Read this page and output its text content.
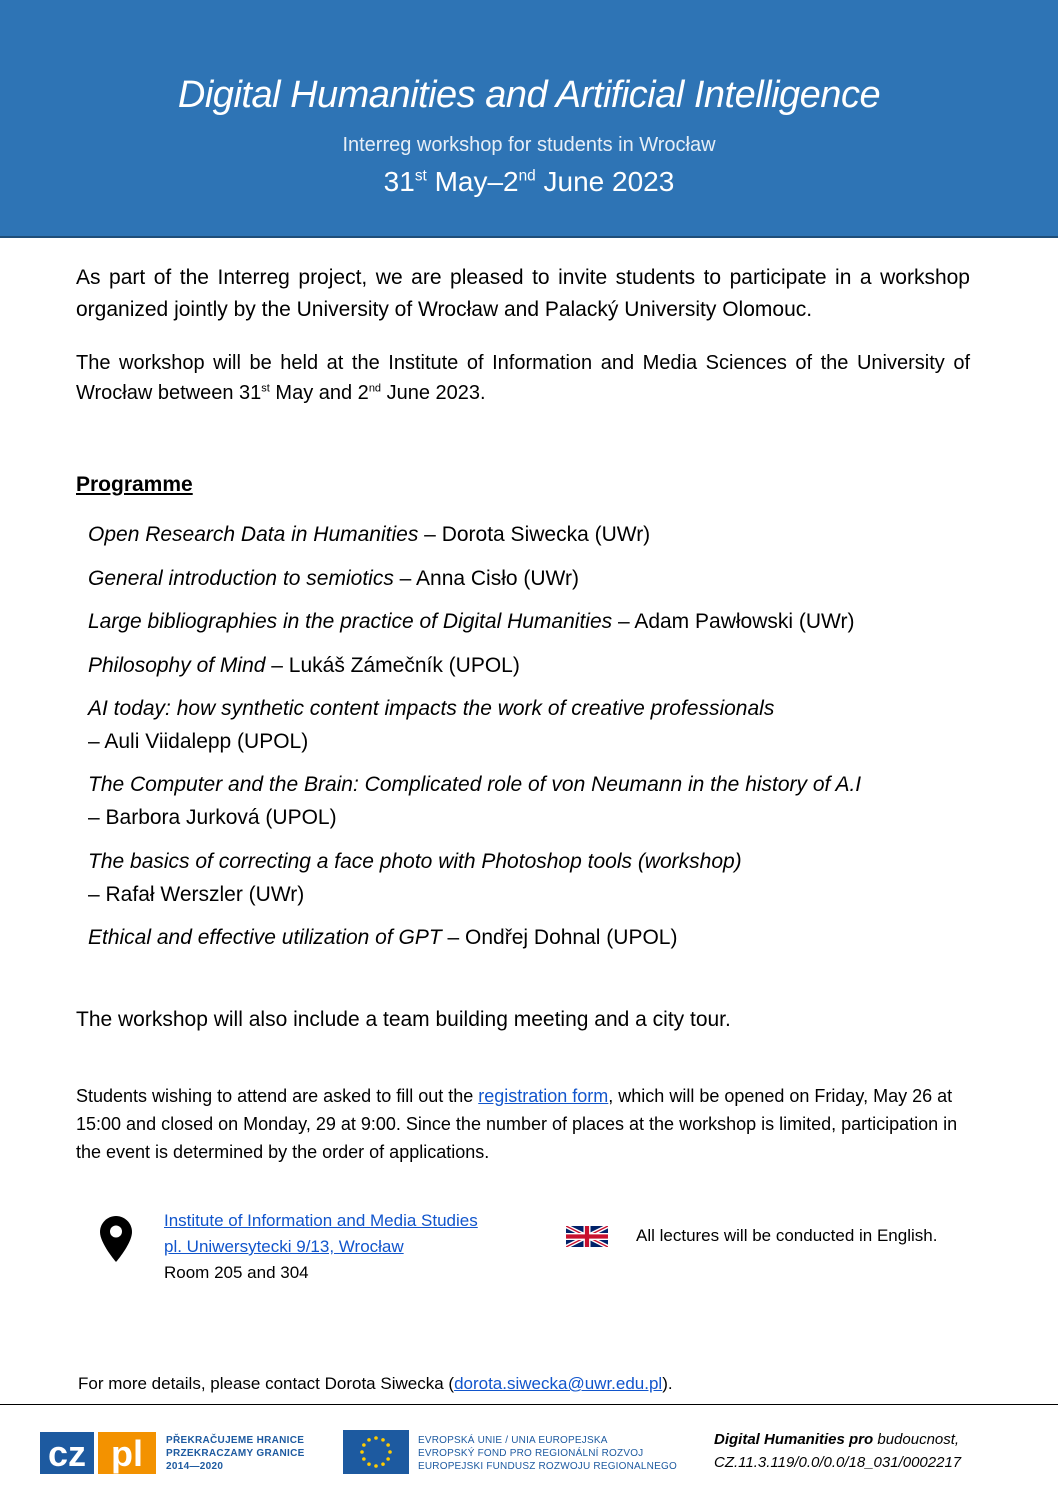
Digital Humanities and Artificial Intelligence
Interreg workshop for students in Wrocław
31st May–2nd June 2023
As part of the Interreg project, we are pleased to invite students to participate in a workshop organized jointly by the University of Wrocław and Palacký University Olomouc.
The workshop will be held at the Institute of Information and Media Sciences of the University of Wrocław between 31st May and 2nd June 2023.
Programme
Open Research Data in Humanities – Dorota Siwecka (UWr)
General introduction to semiotics – Anna Cisło (UWr)
Large bibliographies in the practice of Digital Humanities – Adam Pawłowski (UWr)
Philosophy of Mind – Lukáš Zámečník (UPOL)
AI today: how synthetic content impacts the work of creative professionals
– Auli Viidalepp (UPOL)
The Computer and the Brain: Complicated role of von Neumann in the history of A.I
– Barbora Jurková (UPOL)
The basics of correcting a face photo with Photoshop tools (workshop)
– Rafał Werszler (UWr)
Ethical and effective utilization of GPT – Ondřej Dohnal (UPOL)
The workshop will also include a team building meeting and a city tour.
Students wishing to attend are asked to fill out the registration form, which will be opened on Friday, May 26 at 15:00 and closed on Monday, 29 at 9:00. Since the number of places at the workshop is limited, participation in the event is determined by the order of applications.
Institute of Information and Media Studies
pl. Uniwersytecki 9/13, Wrocław
Room 205 and 304
All lectures will be conducted in English.
For more details, please contact Dorota Siwecka (dorota.siwecka@uwr.edu.pl).
cz pl PŘEKRAČUJEME HRANICE
PRZEKRACZAMY GRANICE
2014—2020
EVROPSKÁ UNIE / UNIA EUROPEJSKA
EVROPSKÝ FOND PRO REGIONÁLNÍ ROZVOJ
EUROPEJSKI FUNDUSZ ROZWOJU REGIONALNEGO
Digital Humanities pro budoucnost,
CZ.11.3.119/0.0/0.0/18_031/0002217
